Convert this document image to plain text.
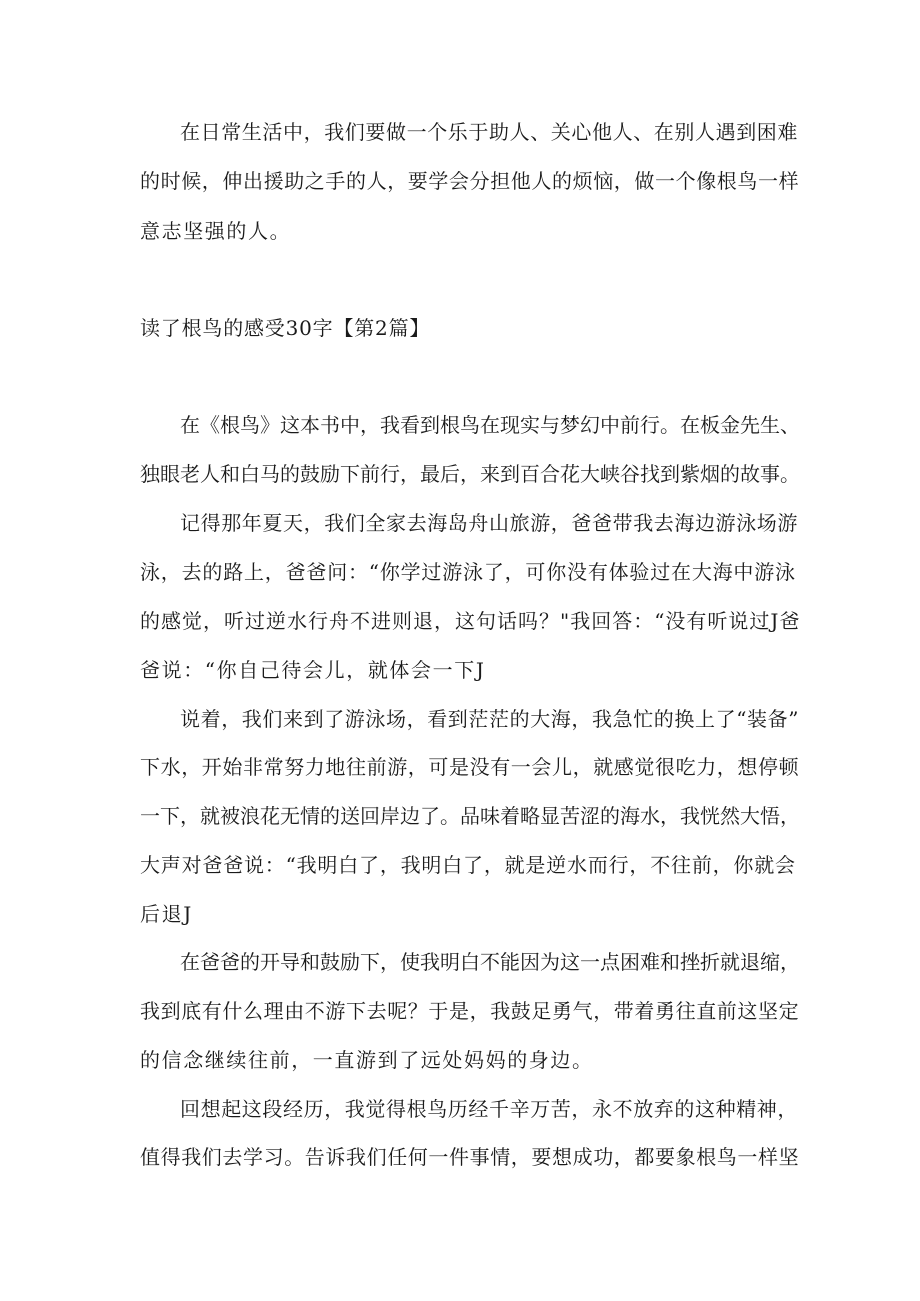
在日常生活中，我们要做一个乐于助人、关心他人、在别人遇到困难
的时候，伸出援助之手的人，要学会分担他人的烦恼，做一个像根鸟一样
意志坚强的人。
读了根鸟的感受30字【第2篇】
在《根鸟》这本书中，我看到根鸟在现实与梦幻中前行。在板金先生、
独眼老人和白马的鼓励下前行，最后，来到百合花大峡谷找到紫烟的故事。
记得那年夏天，我们全家去海岛舟山旅游，爸爸带我去海边游泳场游
泳，去的路上，爸爸问：“你学过游泳了，可你没有体验过在大海中游泳
的感觉，听过逆水行舟不进则退，这句话吗？"我回答：“没有听说过J爸
爸说：“你自己待会儿，就体会一下J
说着，我们来到了游泳场，看到茫茫的大海，我急忙的换上了“装备”
下水，开始非常努力地往前游，可是没有一会儿，就感觉很吃力，想停顿
一下，就被浪花无情的送回岸边了。品味着略显苦涩的海水，我恍然大悟，
大声对爸爸说：“我明白了，我明白了，就是逆水而行，不往前，你就会
后退J
在爸爸的开导和鼓励下，使我明白不能因为这一点困难和挫折就退缩，
我到底有什么理由不游下去呢？于是，我鼓足勇气，带着勇往直前这坚定
的信念继续往前，一直游到了远处妈妈的身边。
回想起这段经历，我觉得根鸟历经千辛万苦，永不放弃的这种精神，
值得我们去学习。告诉我们任何一件事情，要想成功，都要象根鸟一样坚
